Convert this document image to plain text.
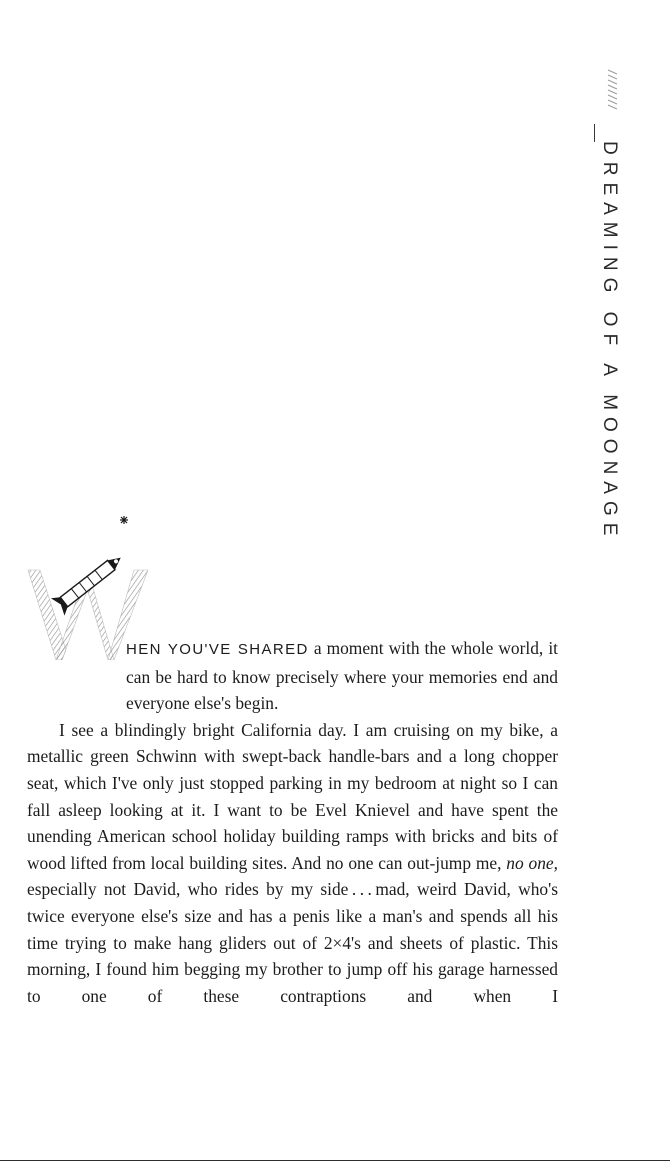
DREAMING OF A MOONAGE

HEN YOU'VE SHARED a moment with the whole world, it can be hard to know precisely where your memories end and everyone else's begin.

I see a blindingly bright California day. I am cruising on my bike, a metallic green Schwinn with swept-back handle-bars and a long chopper seat, which I've only just stopped parking in my bedroom at night so I can fall asleep looking at it. I want to be Evel Knievel and have spent the unending American school holiday building ramps with bricks and bits of wood lifted from local building sites. And no one can out-jump me, no one, especially not David, who rides by my side . . . mad, weird David, who's twice everyone else's size and has a penis like a man's and spends all his time trying to make hang gliders out of 2×4's and sheets of plastic. This morning, I found him begging my brother to jump off his garage harnessed to one of these contraptions and when I
